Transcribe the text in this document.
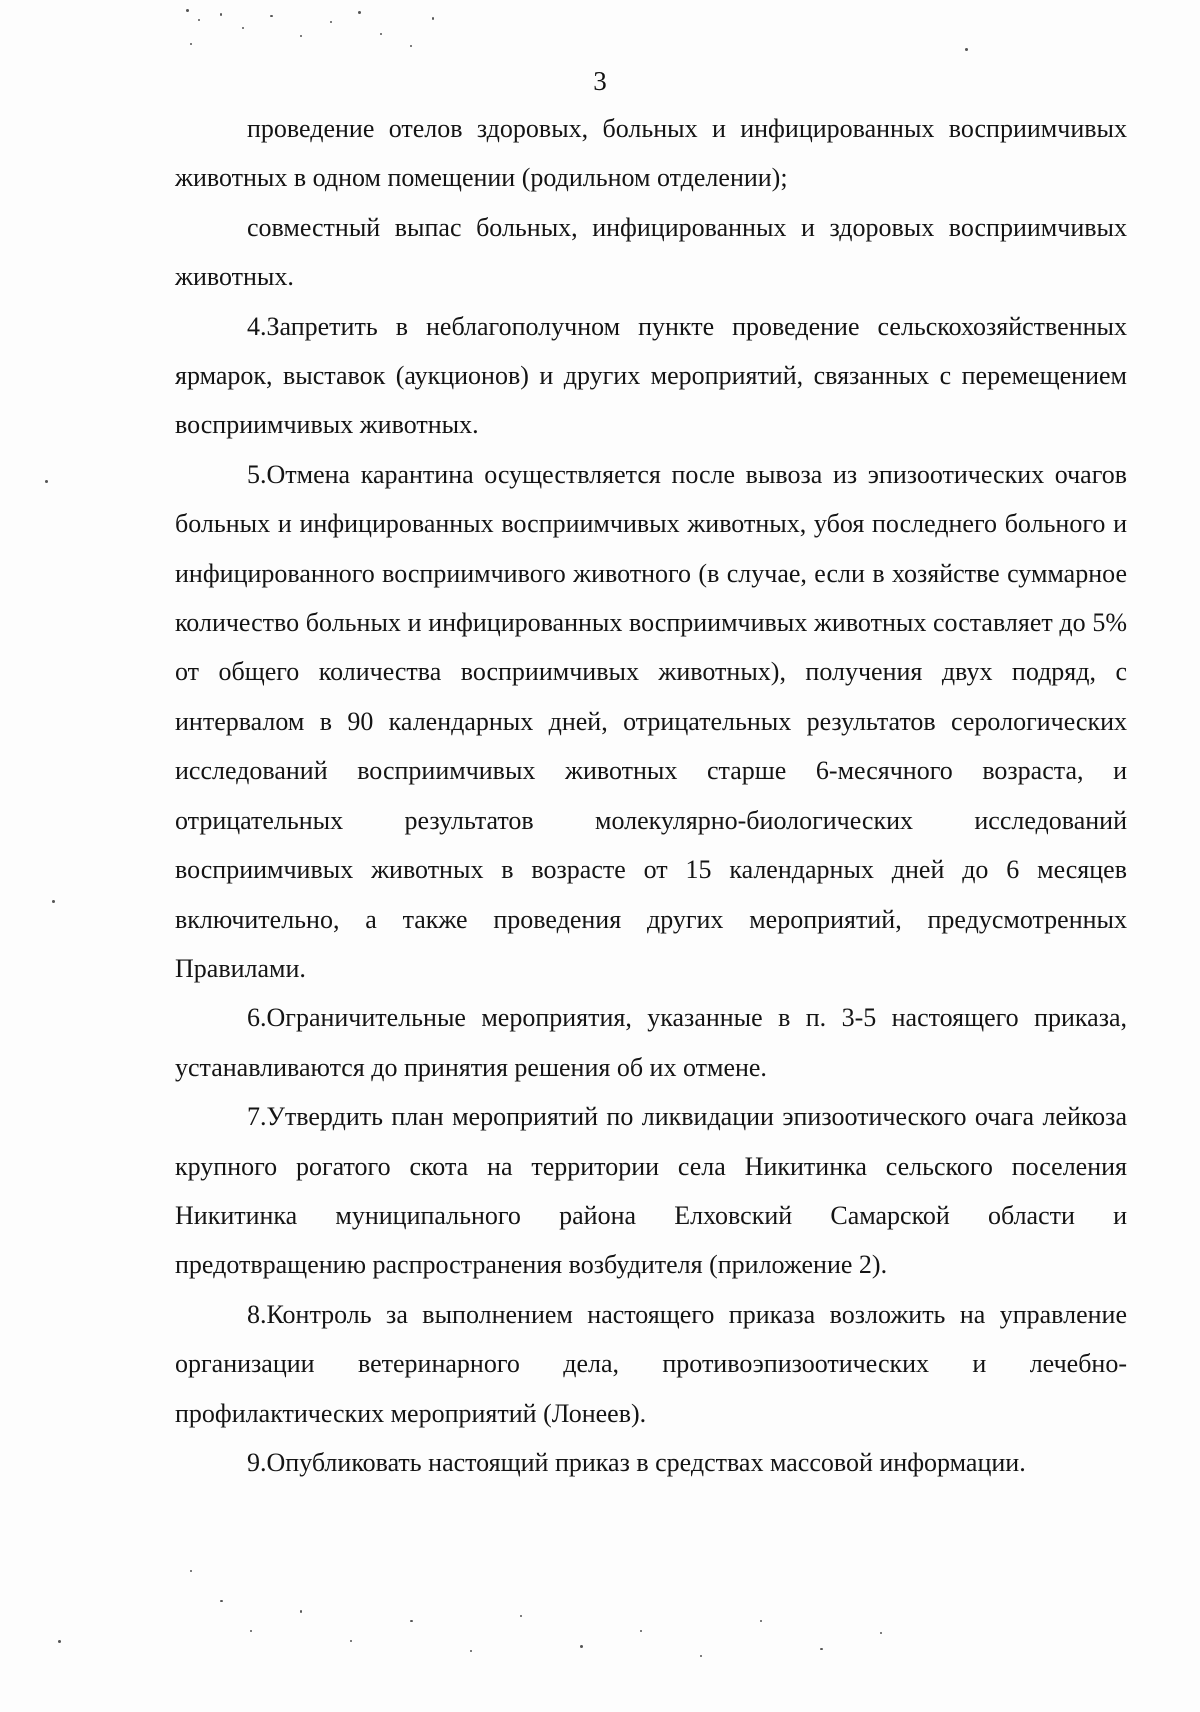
3

проведение отелов здоровых, больных и инфицированных восприимчивых животных в одном помещении (родильном отделении);

совместный выпас больных, инфицированных и здоровых восприимчивых животных.

4.Запретить в неблагополучном пункте проведение сельскохозяйственных ярмарок, выставок (аукционов) и других мероприятий, связанных с перемещением восприимчивых животных.

5.Отмена карантина осуществляется после вывоза из эпизоотических очагов больных и инфицированных восприимчивых животных, убоя последнего больного и инфицированного восприимчивого животного (в случае, если в хозяйстве суммарное количество больных и инфицированных восприимчивых животных составляет до 5% от общего количества восприимчивых животных), получения двух подряд, с интервалом в 90 календарных дней, отрицательных результатов серологических исследований восприимчивых животных старше 6-месячного возраста, и отрицательных результатов молекулярно-биологических исследований восприимчивых животных в возрасте от 15 календарных дней до 6 месяцев включительно, а также проведения других мероприятий, предусмотренных Правилами.

6.Ограничительные мероприятия, указанные в п. 3-5 настоящего приказа, устанавливаются до принятия решения об их отмене.

7.Утвердить план мероприятий по ликвидации эпизоотического очага лейкоза крупного рогатого скота на территории села Никитинка сельского поселения Никитинка муниципального района Елховский Самарской области и предотвращению распространения возбудителя (приложение 2).

8.Контроль за выполнением настоящего приказа возложить на управление организации ветеринарного дела, противоэпизоотических и лечебно-профилактических мероприятий (Лонеев).

9.Опубликовать настоящий приказ в средствах массовой информации.
